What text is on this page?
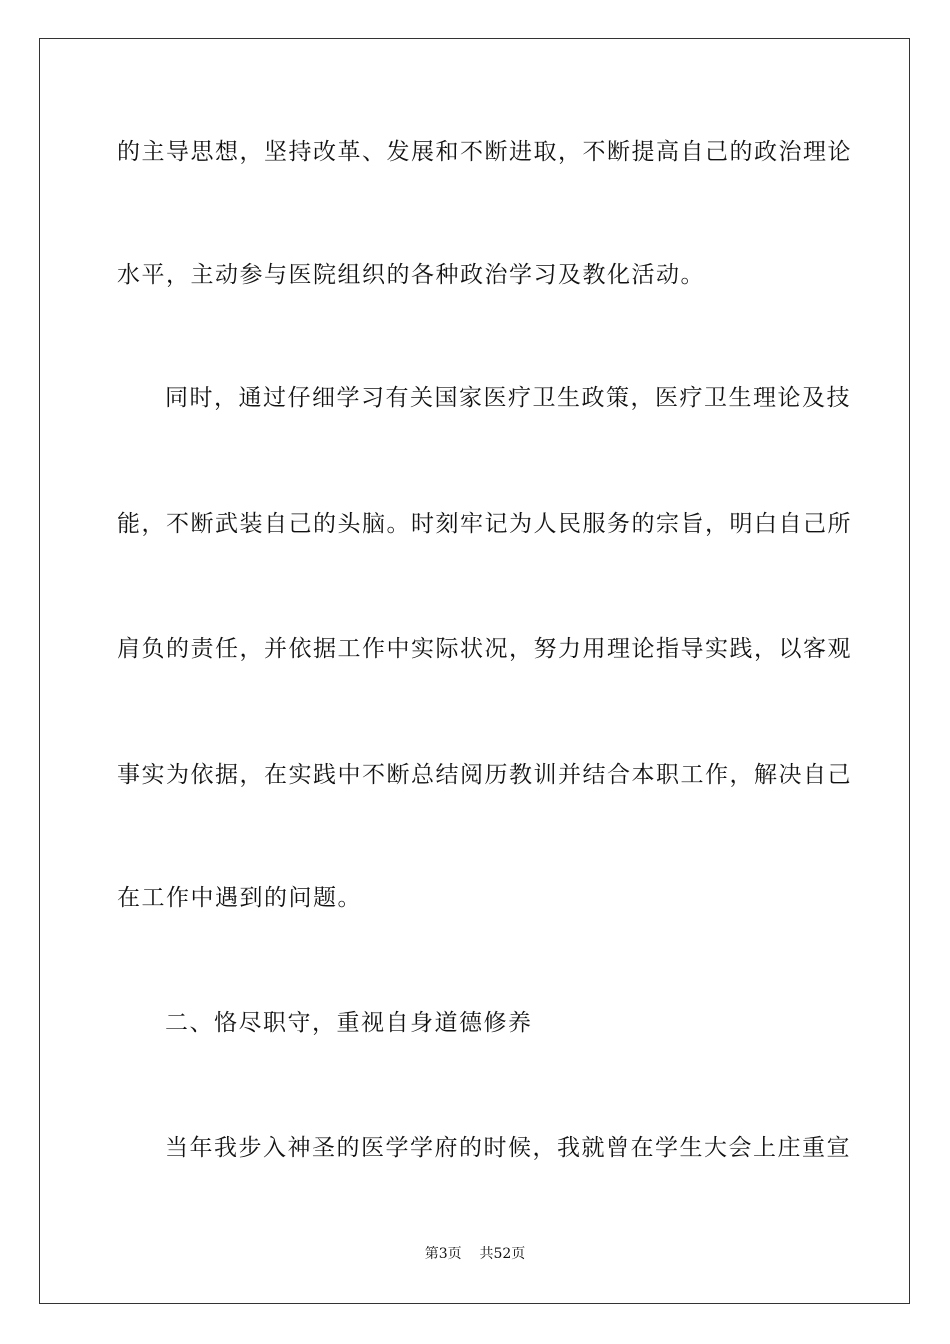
的主导思想，坚持改革、发展和不断进取，不断提高自己的政治理论
水平，主动参与医院组织的各种政治学习及教化活动。
同时，通过仔细学习有关国家医疗卫生政策，医疗卫生理论及技
能，不断武装自己的头脑。时刻牢记为人民服务的宗旨，明白自己所
肩负的责任，并依据工作中实际状况，努力用理论指导实践，以客观
事实为依据，在实践中不断总结阅历教训并结合本职工作，解决自己
在工作中遇到的问题。
二、恪尽职守，重视自身道德修养
当年我步入神圣的医学学府的时候，我就曾在学生大会上庄重宣
第3页 共52页
